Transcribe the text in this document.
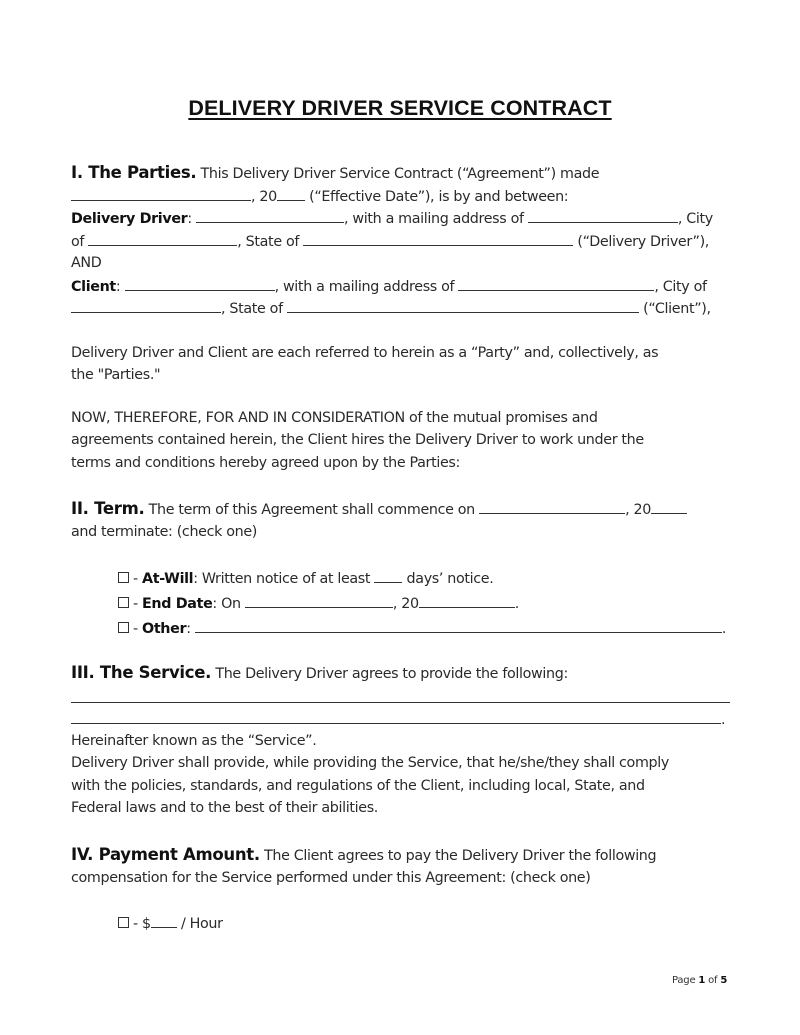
DELIVERY DRIVER SERVICE CONTRACT
I. The Parties. This Delivery Driver Service Contract (“Agreement”) made
, 20 (“Effective Date”), is by and between:
Delivery Driver:	, with a mailing address of	, City
of	, State of	(“Delivery Driver”),
AND
Client:	, with a mailing address of	, City of
, State of	(“Client”),
Delivery Driver and Client are each referred to herein as a “Party” and, collectively, as
the "Parties."
NOW, THEREFORE, FOR AND IN CONSIDERATION of the mutual promises and
agreements contained herein, the Client hires the Delivery Driver to work under the
terms and conditions hereby agreed upon by the Parties:
II. Term. The term of this Agreement shall commence on	, 20
and terminate: (check one)
- At-Will: Written notice of at least  days’ notice.
- End Date: On	, 20	.
- Other:	.
III. The Service. The Delivery Driver agrees to provide the following:
.
Hereinafter known as the “Service”.
Delivery Driver shall provide, while providing the Service, that he/she/they shall comply
with the policies, standards, and regulations of the Client, including local, State, and
Federal laws and to the best of their abilities.
IV. Payment Amount. The Client agrees to pay the Delivery Driver the following
compensation for the Service performed under this Agreement: (check one)
- $ / Hour
Page 1 of 5
